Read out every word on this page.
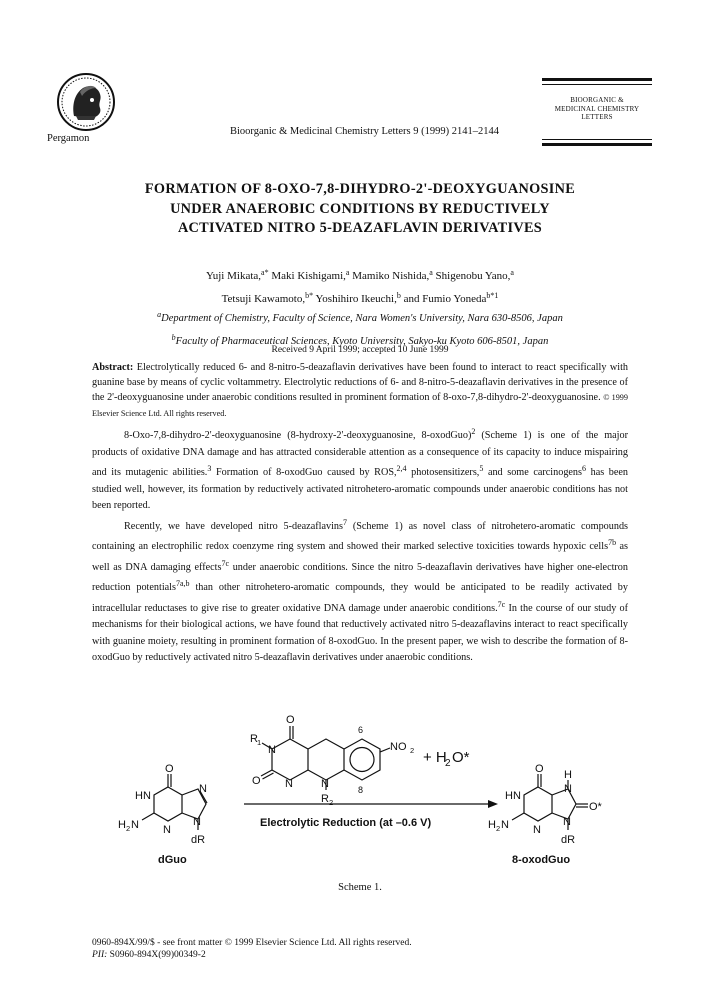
Pergamon
Bioorganic & Medicinal Chemistry Letters 9 (1999) 2141–2144
BIOORGANIC &
MEDICINAL CHEMISTRY
LETTERS
FORMATION OF 8-OXO-7,8-DIHYDRO-2'-DEOXYGUANOSINE
UNDER ANAEROBIC CONDITIONS BY REDUCTIVELY
ACTIVATED NITRO 5-DEAZAFLAVIN DERIVATIVES
Yuji Mikata,$^{a*}$ Maki Kishigami,$^a$ Mamiko Nishida,$^a$ Shigenobu Yano,$^a$
Tetsuji Kawamoto,$^{b*}$ Yoshihiro Ikeuchi,$^b$ and Fumio Yoneda$^{b*1}$
$^a$Department of Chemistry, Faculty of Science, Nara Women's University, Nara 630-8506, Japan
$^b$Faculty of Pharmaceutical Sciences, Kyoto University, Sakyo-ku Kyoto 606-8501, Japan
Received 9 April 1999; accepted 10 June 1999
Abstract: Electrolytically reduced 6- and 8-nitro-5-deazaflavin derivatives have been found to interact to react specifically with guanine base by means of cyclic voltammetry. Electrolytic reductions of 6- and 8-nitro-5-deazaflavin derivatives in the presence of the 2'-deoxyguanosine under anaerobic conditions resulted in prominent formation of 8-oxo-7,8-dihydro-2'-deoxyguanosine. © 1999 Elsevier Science Ltd. All rights reserved.

8-Oxo-7,8-dihydro-2'-deoxyguanosine (8-hydroxy-2'-deoxyguanosine, 8-oxodGuo)$^2$ (Scheme 1) is one of the major products of oxidative DNA damage and has attracted considerable attention as a consequence of its capacity to induce mispairing and its mutagenic abilities.$^3$ Formation of 8-oxodGuo caused by ROS,$^{2,4}$ photosensitizers,$^5$ and some carcinogens$^6$ has been studied well, however, its formation by reductively activated nitrohetero-aromatic compounds under anaerobic conditions has not been reported.

Recently, we have developed nitro 5-deazaflavins$^7$ (Scheme 1) as novel class of nitrohetero-aromatic compounds containing an electrophilic redox coenzyme ring system and showed their marked selective toxicities towards hypoxic cells$^{7b}$ as well as DNA damaging effects$^{7c}$ under anaerobic conditions. Since the nitro 5-deazaflavin derivatives have higher one-electron reduction potentials$^{7a,b}$ than other nitrohetero-aromatic compounds, they would be anticipated to be readily activated by intracellular reductases to give rise to greater oxidative DNA damage under anaerobic conditions.$^{7c}$ In the course of our study of mechanisms for their biological actions, we have found that reductively activated nitro 5-deazaflavins interact to react specifically with guanine moiety, resulting in prominent formation of 8-oxodGuo. In the present paper, we wish to describe the formation of 8-oxodGuo by reductively activated nitro 5-deazaflavin derivatives under anaerobic conditions.

O
R 1
N
N
O	N
R 2
6
8
NO 2 + H
2 O*
O
HN
N
H 2 N
N
N
dR
O
HN
H
N
O*
H 2 N N
N
dR
Electrolytic Reduction (at –0.6 V)
dGuo	8-oxodGuo
Scheme 1.
0960-894X/99/$ - see front matter © 1999 Elsevier Science Ltd. All rights reserved.
PII: S0960-894X(99)00349-2
